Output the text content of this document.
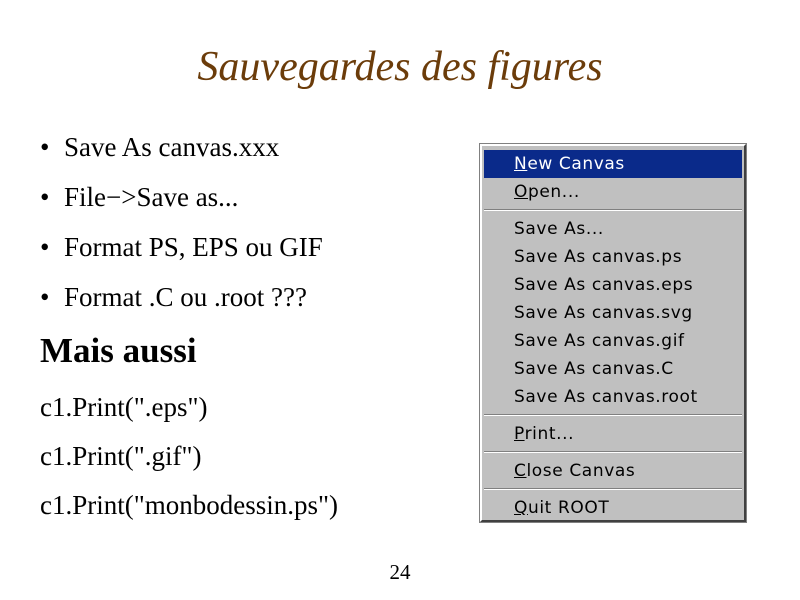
Sauvegardes des figures
• Save As canvas.xxx
• File−>Save as...
• Format PS, EPS ou GIF
• Format .C ou .root ???
Mais aussi
c1.Print(".eps")
c1.Print(".gif")
c1.Print("monbodessin.ps")
24
New Canvas
Open...
Save As...
Save As canvas.ps
Save As canvas.eps
Save As canvas.svg
Save As canvas.gif
Save As canvas.C
Save As canvas.root
Print...
Close Canvas
Quit ROOT
